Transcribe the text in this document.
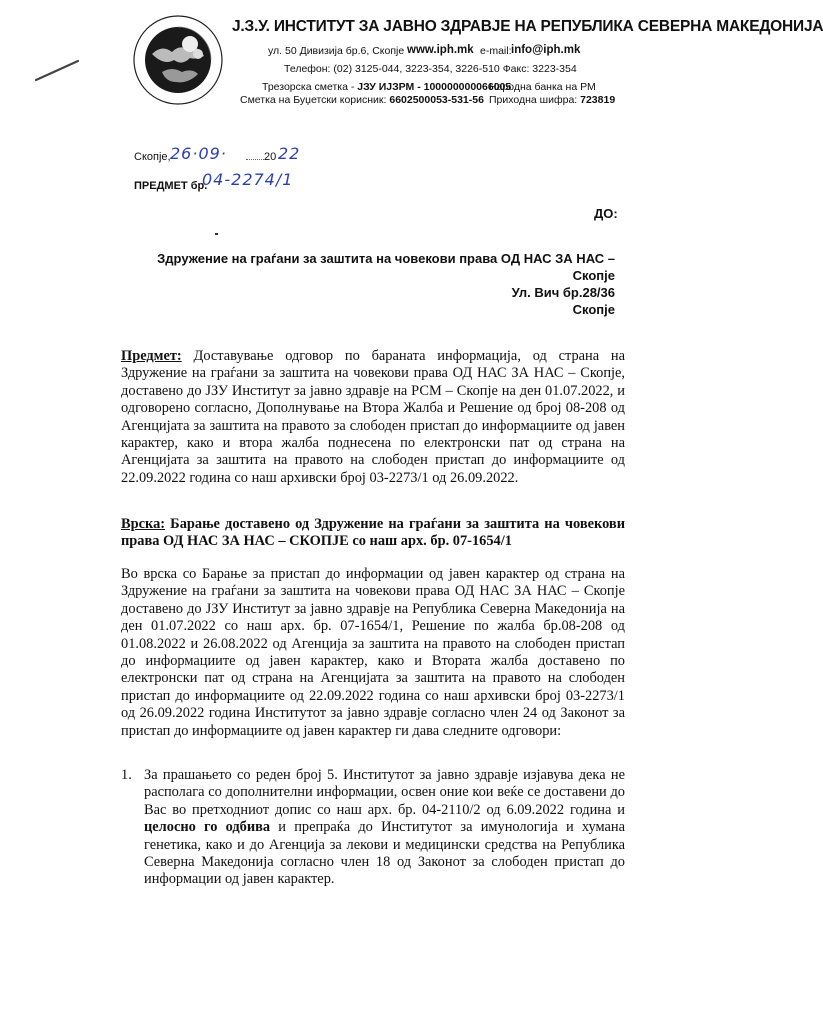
Ј.З.У. ИНСТИТУТ ЗА ЈАВНО ЗДРАВЈЕ НА РЕПУБЛИКА СЕВЕРНА МАКЕДОНИЈА
ул. 50 Дивизија бр.6, Скопје www.iph.mk e-mail: info@iph.mk
Телефон: (02) 3125-044, 3223-354, 3226-510 Факс: 3223-354
Трезорска сметка - ЈЗУ ИЈЗРМ - 100000000066005
Народна банка на РМ
Сметка на Буџетски корисник: 6602500053-531-56 Приходна шифра: 723819
Скопје, 26·09·	20 22
ПРЕДМЕТ бр.
04-2274/1
ДО:
Здружение на граѓани за заштита на човекови права ОД НАС ЗА НАС –
Скопје
Ул. Вич бр.28/36
Скопје
Предмет: Доставување одговор по бараната информација, од страна на Здружение на граѓани за заштита на човекови права ОД НАС ЗА НАС – Скопје, доставено до ЈЗУ Институт за јавно здравје на РСМ – Скопје на ден 01.07.2022, и одговорено согласно, Дополнување на Втора Жалба и Решение од број 08-208 од Агенцијата за заштита на правото за слободен пристап до информациите од јавен карактер, како и втора жалба поднесена по електронски пат од страна на Агенцијата за заштита на правото на слободен пристап до информациите од 22.09.2022 година со наш архивски број 03-2273/1 од 26.09.2022.
Врска: Барање доставено од Здружение на граѓани за заштита на човекови права ОД НАС ЗА НАС – СКОПЈЕ со наш арх. бр. 07-1654/1
Во врска со Барање за пристап до информации од јавен карактер од страна на Здружение на граѓани за заштита на човекови права ОД НАС ЗА НАС – Скопје доставено до ЈЗУ Институт за јавно здравје на Република Северна Македонија на ден 01.07.2022 со наш арх. бр. 07-1654/1, Решение по жалба бр.08-208 од 01.08.2022 и 26.08.2022 од Агенција за заштита на правото на слободен пристап до информациите од јавен карактер, како и Втората жалба доставено по електронски пат од страна на Агенцијата за заштита на правото на слободен пристап до информациите од 22.09.2022 година со наш архивски број 03-2273/1 од 26.09.2022 година Институтот за јавно здравје согласно член 24 од Законот за пристап до информациите од јавен карактер ги дава следните одговори:
1. За прашањето со реден број 5. Институтот за јавно здравје изјавува дека не располага со дополнителни информации, освен оние кои веќе се доставени до Вас во претходниот допис со наш арх. бр. 04-2110/2 од 6.09.2022 година и целосно го одбива и препраќа до Институтот за имунологија и хумана генетика, како и до Агенција за лекови и медицински средства на Република Северна Македонија согласно член 18 од Законот за слободен пристап до информации од јавен карактер.
